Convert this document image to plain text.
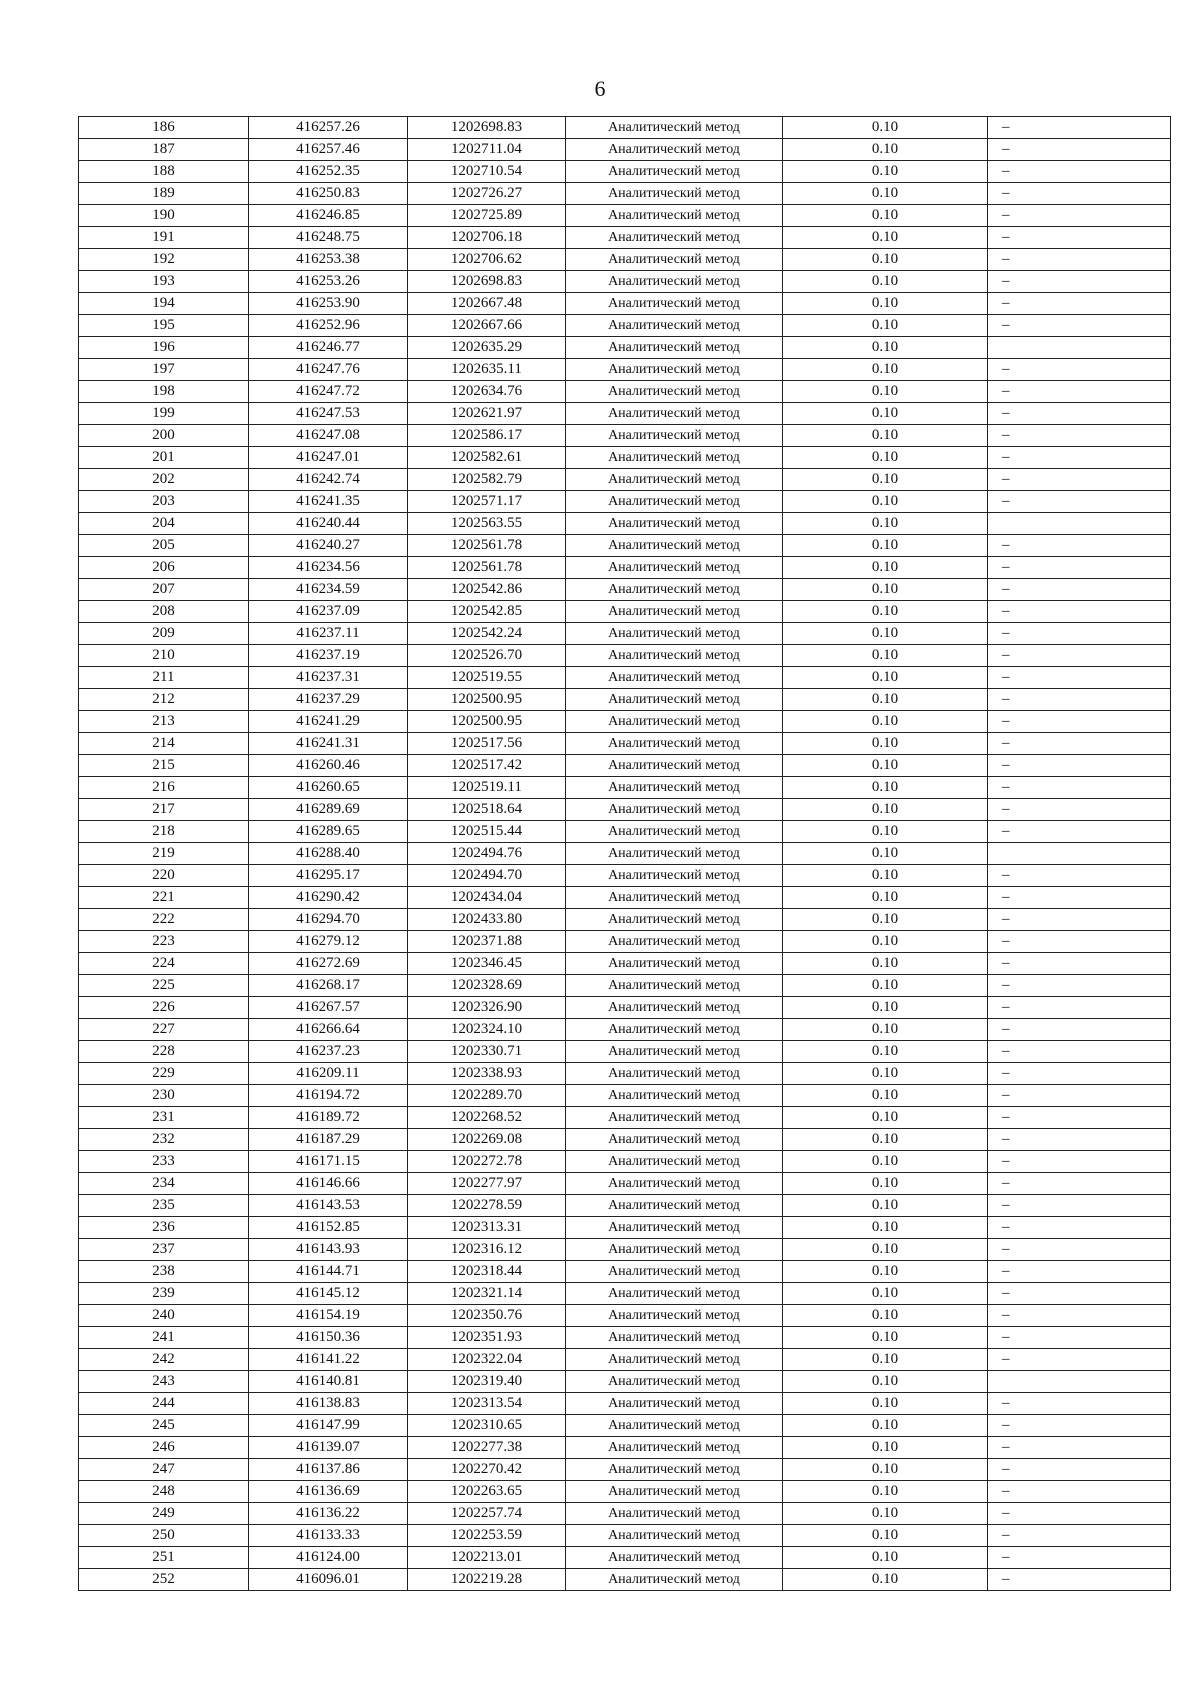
6
186	416257.26	1202698.83	Аналитический метод	0.10	–
187	416257.46	1202711.04	Аналитический метод	0.10	–
188	416252.35	1202710.54	Аналитический метод	0.10	–
189	416250.83	1202726.27	Аналитический метод	0.10	–
190	416246.85	1202725.89	Аналитический метод	0.10	–
191	416248.75	1202706.18	Аналитический метод	0.10	–
192	416253.38	1202706.62	Аналитический метод	0.10	–
193	416253.26	1202698.83	Аналитический метод	0.10	–
194	416253.90	1202667.48	Аналитический метод	0.10	–
195	416252.96	1202667.66	Аналитический метод	0.10	–
196	416246.77	1202635.29	Аналитический метод	0.10	
197	416247.76	1202635.11	Аналитический метод	0.10	–
198	416247.72	1202634.76	Аналитический метод	0.10	–
199	416247.53	1202621.97	Аналитический метод	0.10	–
200	416247.08	1202586.17	Аналитический метод	0.10	–
201	416247.01	1202582.61	Аналитический метод	0.10	–
202	416242.74	1202582.79	Аналитический метод	0.10	–
203	416241.35	1202571.17	Аналитический метод	0.10	–
204	416240.44	1202563.55	Аналитический метод	0.10	
205	416240.27	1202561.78	Аналитический метод	0.10	–
206	416234.56	1202561.78	Аналитический метод	0.10	–
207	416234.59	1202542.86	Аналитический метод	0.10	–
208	416237.09	1202542.85	Аналитический метод	0.10	–
209	416237.11	1202542.24	Аналитический метод	0.10	–
210	416237.19	1202526.70	Аналитический метод	0.10	–
211	416237.31	1202519.55	Аналитический метод	0.10	–
212	416237.29	1202500.95	Аналитический метод	0.10	–
213	416241.29	1202500.95	Аналитический метод	0.10	–
214	416241.31	1202517.56	Аналитический метод	0.10	–
215	416260.46	1202517.42	Аналитический метод	0.10	–
216	416260.65	1202519.11	Аналитический метод	0.10	–
217	416289.69	1202518.64	Аналитический метод	0.10	–
218	416289.65	1202515.44	Аналитический метод	0.10	–
219	416288.40	1202494.76	Аналитический метод	0.10	
220	416295.17	1202494.70	Аналитический метод	0.10	–
221	416290.42	1202434.04	Аналитический метод	0.10	–
222	416294.70	1202433.80	Аналитический метод	0.10	–
223	416279.12	1202371.88	Аналитический метод	0.10	–
224	416272.69	1202346.45	Аналитический метод	0.10	–
225	416268.17	1202328.69	Аналитический метод	0.10	–
226	416267.57	1202326.90	Аналитический метод	0.10	–
227	416266.64	1202324.10	Аналитический метод	0.10	–
228	416237.23	1202330.71	Аналитический метод	0.10	–
229	416209.11	1202338.93	Аналитический метод	0.10	–
230	416194.72	1202289.70	Аналитический метод	0.10	–
231	416189.72	1202268.52	Аналитический метод	0.10	–
232	416187.29	1202269.08	Аналитический метод	0.10	–
233	416171.15	1202272.78	Аналитический метод	0.10	–
234	416146.66	1202277.97	Аналитический метод	0.10	–
235	416143.53	1202278.59	Аналитический метод	0.10	–
236	416152.85	1202313.31	Аналитический метод	0.10	–
237	416143.93	1202316.12	Аналитический метод	0.10	–
238	416144.71	1202318.44	Аналитический метод	0.10	–
239	416145.12	1202321.14	Аналитический метод	0.10	–
240	416154.19	1202350.76	Аналитический метод	0.10	–
241	416150.36	1202351.93	Аналитический метод	0.10	–
242	416141.22	1202322.04	Аналитический метод	0.10	–
243	416140.81	1202319.40	Аналитический метод	0.10	
244	416138.83	1202313.54	Аналитический метод	0.10	–
245	416147.99	1202310.65	Аналитический метод	0.10	–
246	416139.07	1202277.38	Аналитический метод	0.10	–
247	416137.86	1202270.42	Аналитический метод	0.10	–
248	416136.69	1202263.65	Аналитический метод	0.10	–
249	416136.22	1202257.74	Аналитический метод	0.10	–
250	416133.33	1202253.59	Аналитический метод	0.10	–
251	416124.00	1202213.01	Аналитический метод	0.10	–
252	416096.01	1202219.28	Аналитический метод	0.10	–
